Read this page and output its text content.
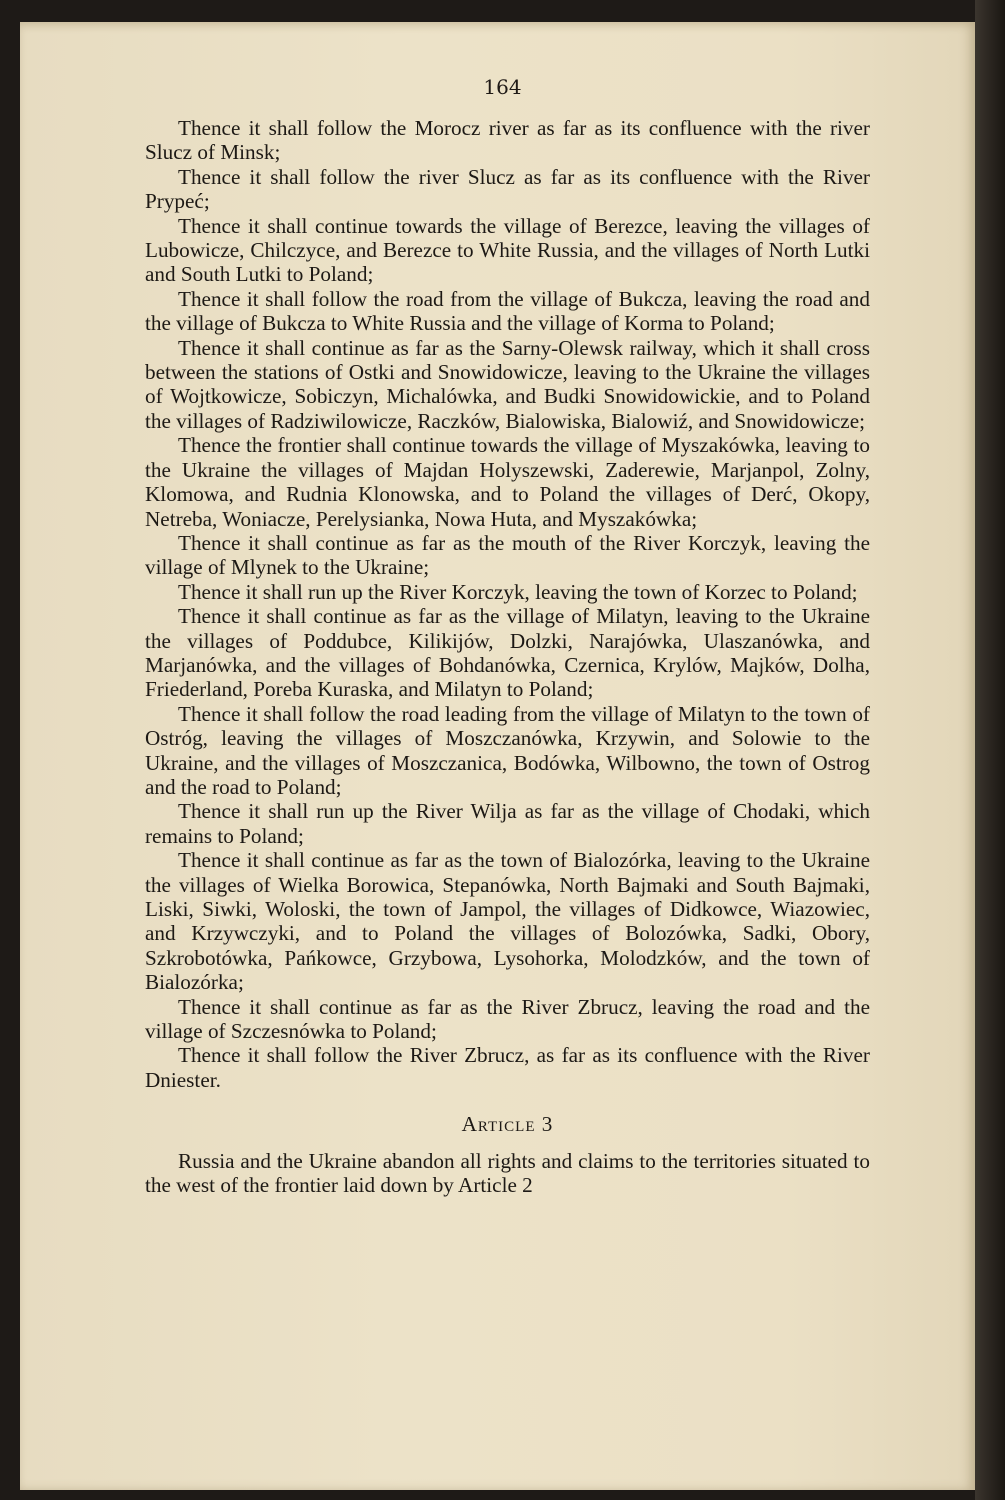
164

Thence it shall follow the Morocz river as far as its confluence with the river Slucz of Minsk;

Thence it shall follow the river Slucz as far as its confluence with the River Prypeć;

Thence it shall continue towards the village of Berezce, leaving the villages of Lubowicze, Chilczyce, and Berezce to White Russia, and the villages of North Lutki and South Lutki to Poland;

Thence it shall follow the road from the village of Bukcza, leaving the road and the village of Bukcza to White Russia and the village of Korma to Poland;

Thence it shall continue as far as the Sarny-Olewsk railway, which it shall cross between the stations of Ostki and Snowidowicze, leaving to the Ukraine the villages of Wojtkowicze, Sobiczyn, Michalówka, and Budki Snowidowickie, and to Poland the villages of Radziwilowicze, Raczków, Bialowiska, Bialowiź, and Snowidowicze;

Thence the frontier shall continue towards the village of Myszakówka, leaving to the Ukraine the villages of Majdan Holyszewski, Zaderewie, Marjanpol, Zolny, Klomowa, and Rudnia Klonowska, and to Poland the villages of Derć, Okopy, Netreba, Woniacze, Perelysianka, Nowa Huta, and Myszakówka;

Thence it shall continue as far as the mouth of the River Korczyk, leaving the village of Mlynek to the Ukraine;

Thence it shall run up the River Korczyk, leaving the town of Korzec to Poland;

Thence it shall continue as far as the village of Milatyn, leaving to the Ukraine the villages of Poddubce, Kilikijów, Dolzki, Narajówka, Ulaszanówka, and Marjanówka, and the villages of Bohdanówka, Czernica, Krylów, Majków, Dolha, Friederland, Poreba Kuraska, and Milatyn to Poland;

Thence it shall follow the road leading from the village of Milatyn to the town of Ostróg, leaving the villages of Moszczanówka, Krzywin, and Solowie to the Ukraine, and the villages of Moszczanica, Bodówka, Wilbowno, the town of Ostrog and the road to Poland;

Thence it shall run up the River Wilja as far as the village of Chodaki, which remains to Poland;

Thence it shall continue as far as the town of Bialozórka, leaving to the Ukraine the villages of Wielka Borowica, Stepanówka, North Bajmaki and South Bajmaki, Liski, Siwki, Woloski, the town of Jampol, the villages of Didkowce, Wiazowiec, and Krzywczyki, and to Poland the villages of Bolozówka, Sadki, Obory, Szkrobotówka, Pańkowce, Grzybowa, Lysohorka, Molodzków, and the town of Bialozórka;

Thence it shall continue as far as the River Zbrucz, leaving the road and the village of Szczesnówka to Poland;

Thence it shall follow the River Zbrucz, as far as its confluence with the River Dniester.

Article 3

Russia and the Ukraine abandon all rights and claims to the territories situated to the west of the frontier laid down by Article 2
